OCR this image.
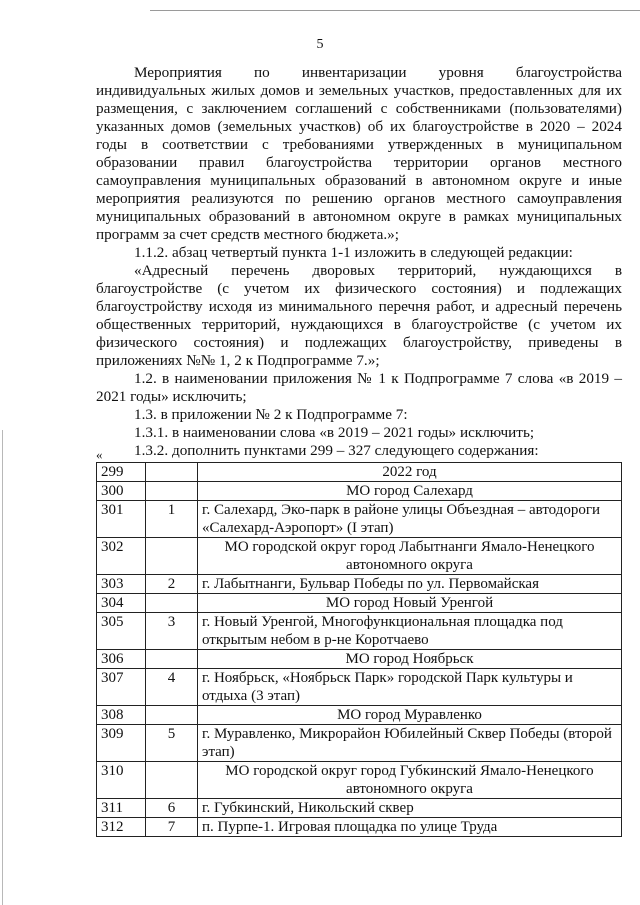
5

Мероприятия по инвентаризации уровня благоустройства индивидуальных жилых домов и земельных участков, предоставленных для их размещения, с заключением соглашений с собственниками (пользователями) указанных домов (земельных участков) об их благоустройстве в 2020 – 2024 годы в соответствии с требованиями утвержденных в муниципальном образовании правил благоустройства территории органов местного самоуправления муниципальных образований в автономном округе и иные мероприятия реализуются по решению органов местного самоуправления муниципальных образований в автономном округе в рамках муниципальных программ за счет средств местного бюджета.»;

1.1.2. абзац четвертый пункта 1-1 изложить в следующей редакции:

«Адресный перечень дворовых территорий, нуждающихся в благоустройстве (с учетом их физического состояния) и подлежащих благоустройству исходя из минимального перечня работ, и адресный перечень общественных территорий, нуждающихся в благоустройстве (с учетом их физического состояния) и подлежащих благоустройству, приведены в приложениях №№ 1, 2 к Подпрограмме 7.»;

1.2. в наименовании приложения № 1 к Подпрограмме 7 слова «в 2019 – 2021 годы» исключить;

1.3. в приложении № 2 к Подпрограмме 7:

1.3.1. в наименовании слова «в 2019 – 2021 годы» исключить;

1.3.2. дополнить пунктами 299 – 327 следующего содержания:

«
299		2022 год
300		МО город Салехард
301	1	г. Салехард, Эко-парк в районе улицы Объездная – автодороги «Салехард-Аэропорт» (I этап)
302		МО городской округ город Лабытнанги Ямало-Ненецкого автономного округа
303	2	г. Лабытнанги, Бульвар Победы по ул. Первомайская
304		МО город Новый Уренгой
305	3	г. Новый Уренгой, Многофункциональная площадка под открытым небом в р-не Коротчаево
306		МО город Ноябрьск
307	4	г. Ноябрьск, «Ноябрьск Парк» городской Парк культуры и отдыха (3 этап)
308		МО город Муравленко
309	5	г. Муравленко, Микрорайон Юбилейный Сквер Победы (второй этап)
310		МО городской округ город Губкинский Ямало-Ненецкого автономного округа
311	6	г. Губкинский, Никольский сквер
312	7	п. Пурпе-1. Игровая площадка по улице Труда
